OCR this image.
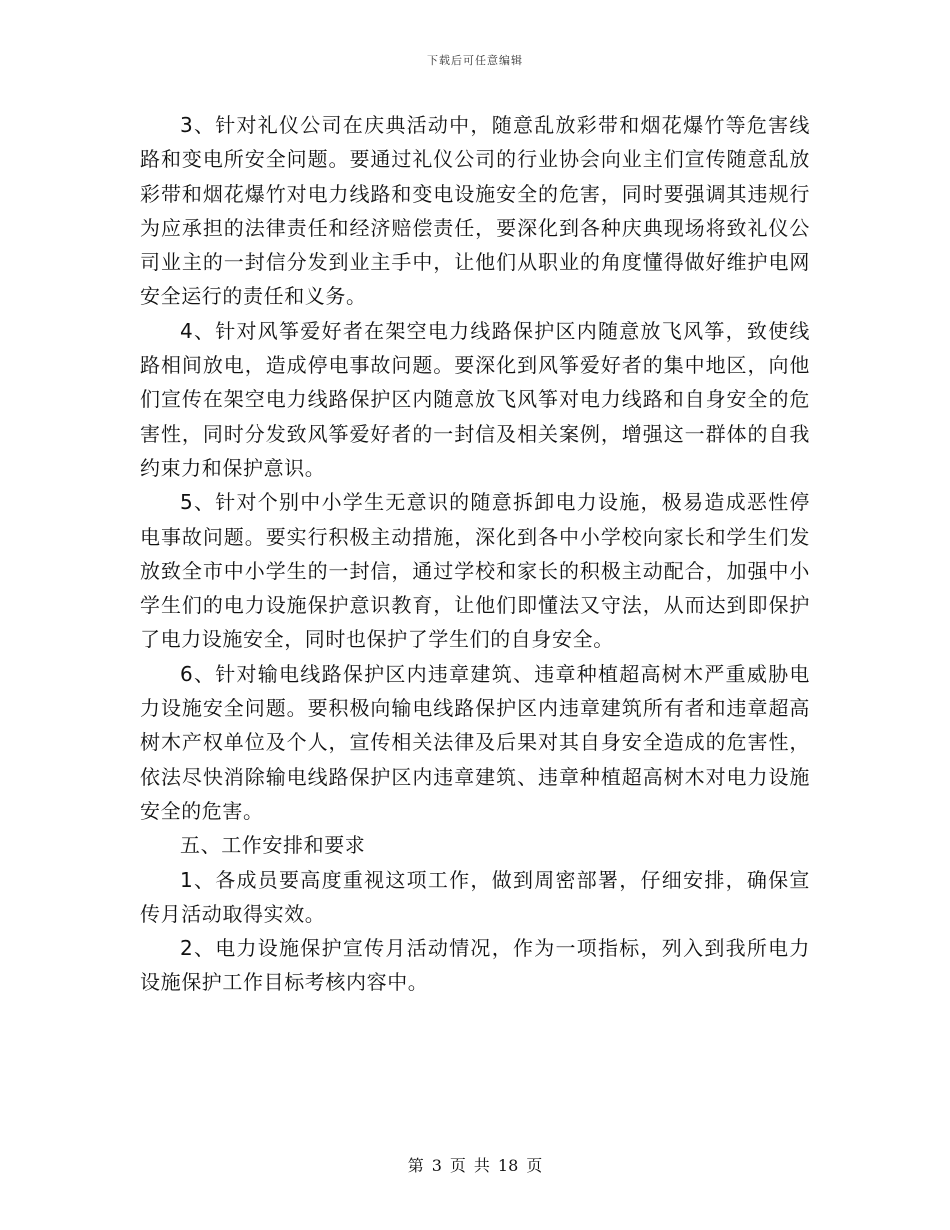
下载后可任意编辑

3、针对礼仪公司在庆典活动中，随意乱放彩带和烟花爆竹等危害线路和变电所安全问题。要通过礼仪公司的行业协会向业主们宣传随意乱放彩带和烟花爆竹对电力线路和变电设施安全的危害，同时要强调其违规行为应承担的法律责任和经济赔偿责任，要深化到各种庆典现场将致礼仪公司业主的一封信分发到业主手中，让他们从职业的角度懂得做好维护电网安全运行的责任和义务。

4、针对风筝爱好者在架空电力线路保护区内随意放飞风筝，致使线路相间放电，造成停电事故问题。要深化到风筝爱好者的集中地区，向他们宣传在架空电力线路保护区内随意放飞风筝对电力线路和自身安全的危害性，同时分发致风筝爱好者的一封信及相关案例，增强这一群体的自我约束力和保护意识。

5、针对个别中小学生无意识的随意拆卸电力设施，极易造成恶性停电事故问题。要实行积极主动措施，深化到各中小学校向家长和学生们发放致全市中小学生的一封信，通过学校和家长的积极主动配合，加强中小学生们的电力设施保护意识教育，让他们即懂法又守法，从而达到即保护了电力设施安全，同时也保护了学生们的自身安全。

6、针对输电线路保护区内违章建筑、违章种植超高树木严重威胁电力设施安全问题。要积极向输电线路保护区内违章建筑所有者和违章超高树木产权单位及个人，宣传相关法律及后果对其自身安全造成的危害性，依法尽快消除输电线路保护区内违章建筑、违章种植超高树木对电力设施安全的危害。

五、工作安排和要求

1、各成员要高度重视这项工作，做到周密部署，仔细安排，确保宣传月活动取得实效。

2、电力设施保护宣传月活动情况，作为一项指标，列入到我所电力设施保护工作目标考核内容中。

第 3 页 共 18 页
